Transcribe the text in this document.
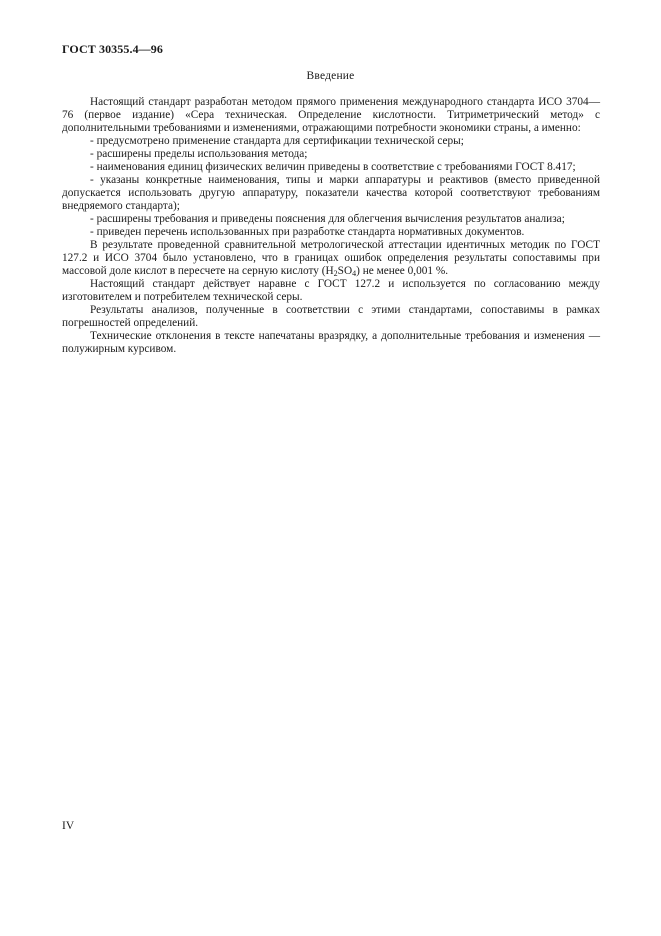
ГОСТ 30355.4—96
Введение

Настоящий стандарт разработан методом прямого применения международного стандарта ИСО 3704—76 (первое издание) «Сера техническая. Определение кислотности. Титриметрический метод» с дополнительными требованиями и изменениями, отражающими потребности экономики страны, а именно:

- предусмотрено применение стандарта для сертификации технической серы;

- расширены пределы использования метода;

- наименования единиц физических величин приведены в соответствие с требованиями ГОСТ 8.417;

- указаны конкретные наименования, типы и марки аппаратуры и реактивов (вместо приведенной допускается использовать другую аппаратуру, показатели качества которой соответствуют требованиям внедряемого стандарта);

- расширены требования и приведены пояснения для облегчения вычисления результатов анализа;

- приведен перечень использованных при разработке стандарта нормативных документов.

В результате проведенной сравнительной метрологической аттестации идентичных методик по ГОСТ 127.2 и ИСО 3704 было установлено, что в границах ошибок определения результаты сопоставимы при массовой доле кислот в пересчете на серную кислоту $(H_2SO_4)$ не менее 0,001 %.

Настоящий стандарт действует наравне с ГОСТ 127.2 и используется по согласованию между изготовителем и потребителем технической серы.

Результаты анализов, полученные в соответствии с этими стандартами, сопоставимы в рамках погрешностей определений.

Технические отклонения в тексте напечатаны вразрядку, а дополнительные требования и изменения — полужирным курсивом.

IV
